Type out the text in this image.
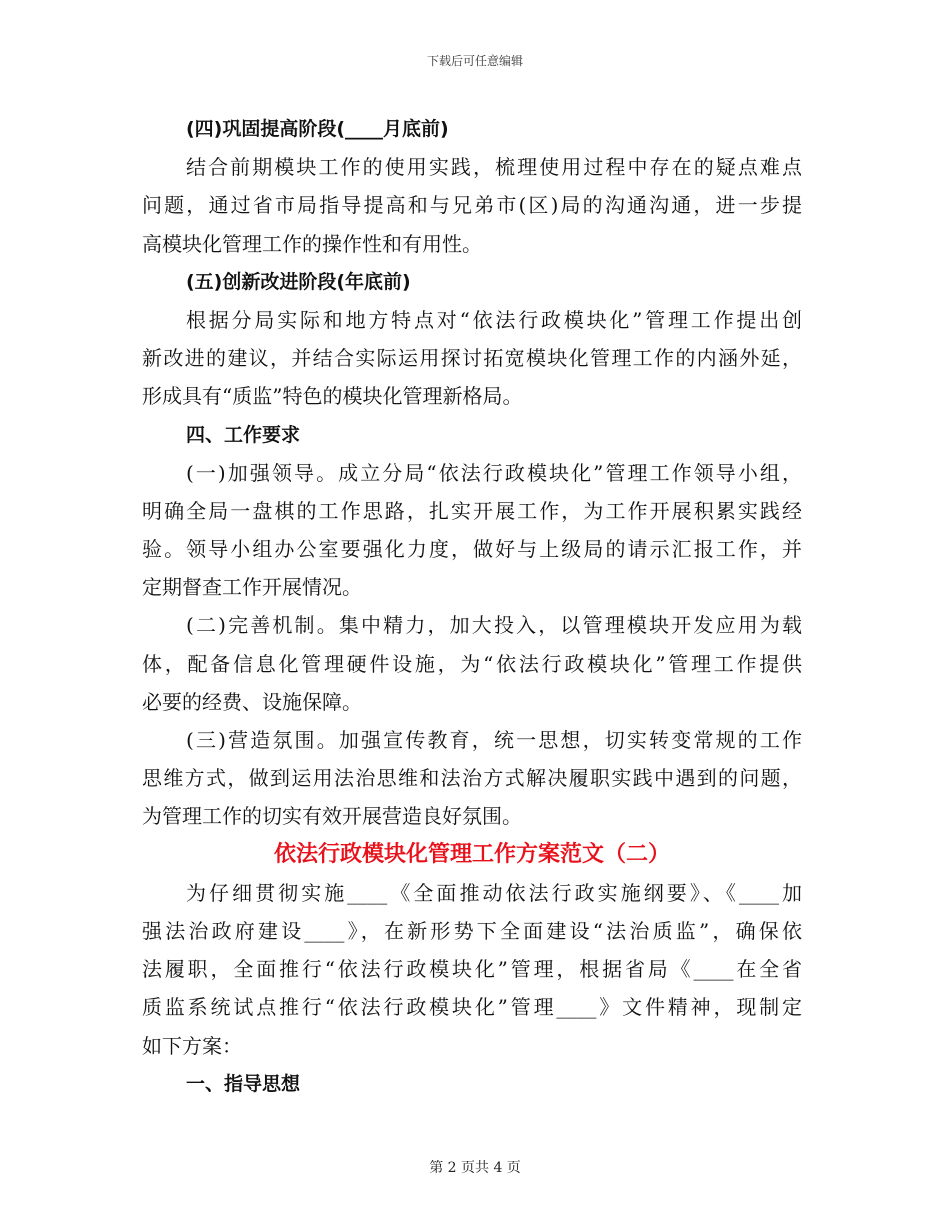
下载后可任意编辑
(四)巩固提高阶段(____月底前)
结合前期模块工作的使用实践，梳理使用过程中存在的疑点难点
问题，通过省市局指导提高和与兄弟市(区)局的沟通沟通，进一步提
高模块化管理工作的操作性和有用性。
(五)创新改进阶段(年底前)
根据分局实际和地方特点对“依法行政模块化”管理工作提出创
新改进的建议，并结合实际运用探讨拓宽模块化管理工作的内涵外延，
形成具有“质监”特色的模块化管理新格局。
四、工作要求
(一)加强领导。成立分局“依法行政模块化”管理工作领导小组，
明确全局一盘棋的工作思路，扎实开展工作，为工作开展积累实践经
验。领导小组办公室要强化力度，做好与上级局的请示汇报工作，并
定期督查工作开展情况。
(二)完善机制。集中精力，加大投入，以管理模块开发应用为载
体，配备信息化管理硬件设施，为“依法行政模块化”管理工作提供
必要的经费、设施保障。
(三)营造氛围。加强宣传教育，统一思想，切实转变常规的工作
思维方式，做到运用法治思维和法治方式解决履职实践中遇到的问题，
为管理工作的切实有效开展营造良好氛围。
依法行政模块化管理工作方案范文（二）
为仔细贯彻实施____《全面推动依法行政实施纲要》、《____加
强法治政府建设____》，在新形势下全面建设“法治质监”，确保依
法履职，全面推行“依法行政模块化”管理，根据省局《____在全省
质监系统试点推行“依法行政模块化”管理____》文件精神，现制定
如下方案：
一、指导思想
第 2 页共 4 页
